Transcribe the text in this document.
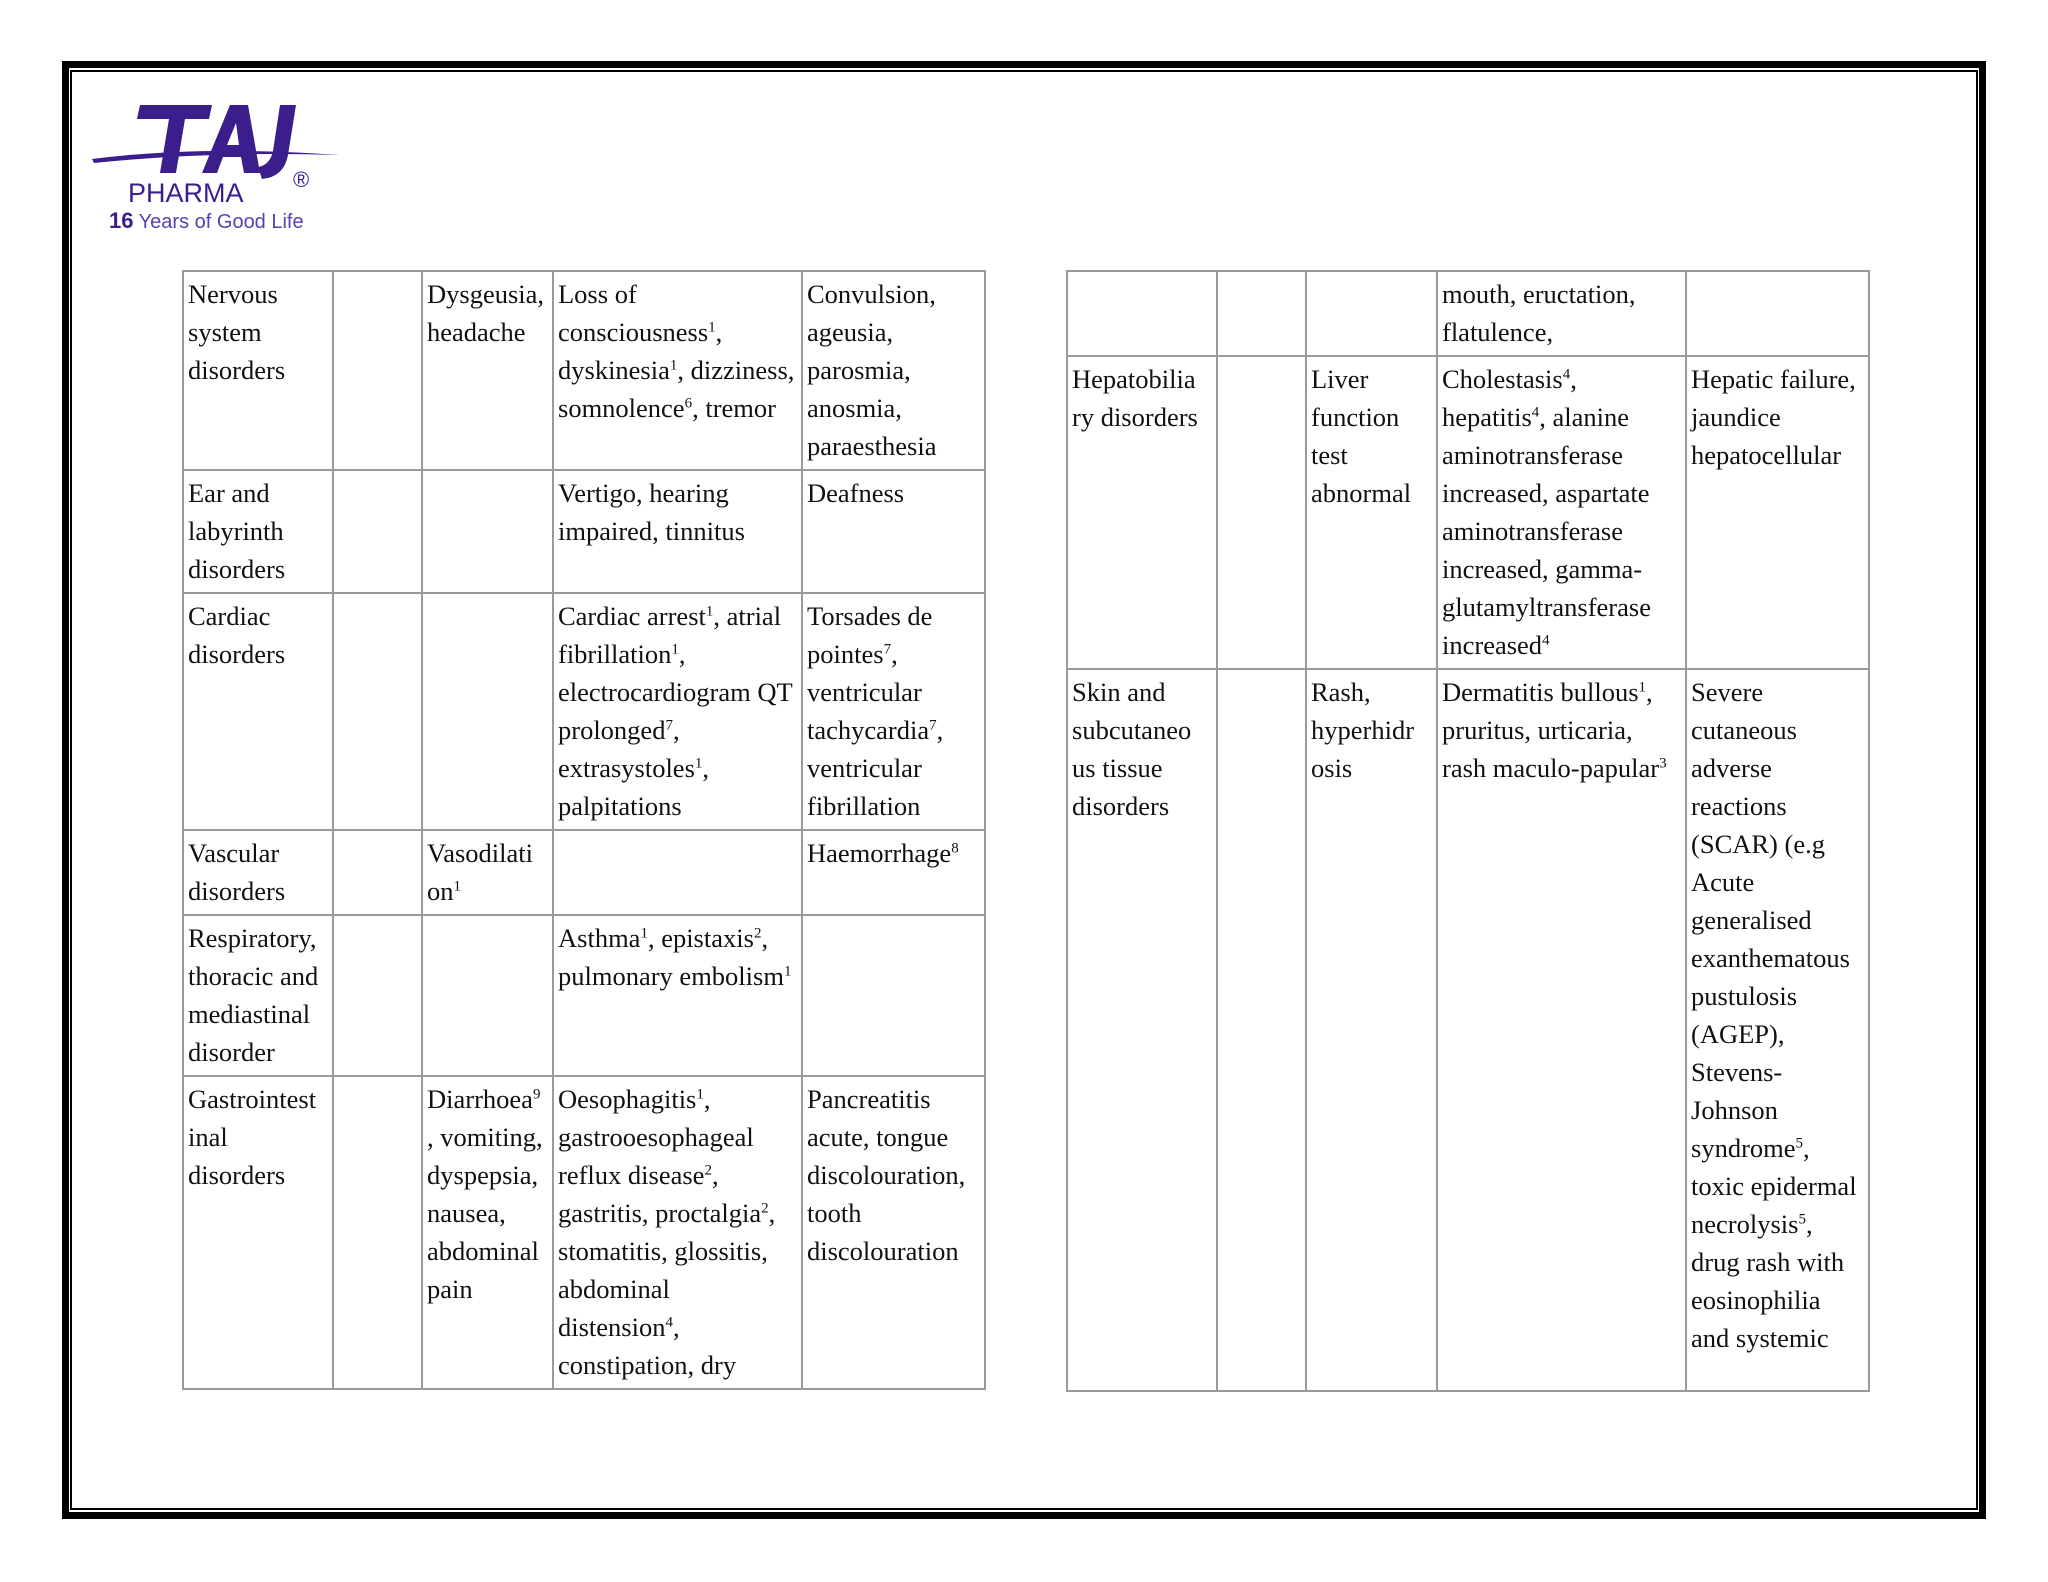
PHARMA ®
16 Years of Good Life
Nervous system disorders		Dysgeusia, headache	Loss of consciousness$^1$, dyskinesia$^1$, dizziness, somnolence$^6$, tremor	Convulsion, ageusia, parosmia, anosmia, paraesthesia
Ear and labyrinth disorders			Vertigo, hearing impaired, tinnitus	Deafness
Cardiac disorders			Cardiac arrest$^1$, atrial fibrillation$^1$, electrocardiogram QT prolonged$^7$, extrasystoles$^1$, palpitations	Torsades de pointes$^7$, ventricular tachycardia$^7$, ventricular fibrillation
Vascular disorders		Vasodilati $on^1$		Haemorrhage$^8$
Respiratory, thoracic and mediastinal disorder			Asthma$^1$, epistaxis$^2$, pulmonary embolism$^1$	
Gastrointest inal disorders		Diarrhoea$^9$ , vomiting, dyspepsia, nausea, abdominal pain	Oesophagitis$^1$, gastrooesophageal reflux disease$^2$, gastritis, proctalgia$^2$, stomatitis, glossitis, abdominal distension$^4$, constipation, dry	Pancreatitis acute, tongue discolouration, tooth discolouration
			mouth, eructation, flatulence,	
Hepatobilia ry disorders		Liver function test abnormal	Cholestasis$^4$, hepatitis$^4$, alanine aminotransferase increased, aspartate aminotransferase increased, gamma-glutamyltransferase increased$^4$	Hepatic failure, jaundice hepatocellular
Skin and subcutaneo us tissue disorders		Rash, hyperhidr osis	Dermatitis bullous$^1$, pruritus, urticaria, rash maculo-papular$^3$	Severe cutaneous adverse reactions (SCAR) (e.g Acute generalised exanthematous pustulosis (AGEP), Stevens-Johnson syndrome$^5$, toxic epidermal necrolysis$^5$, drug rash with eosinophilia and systemic
